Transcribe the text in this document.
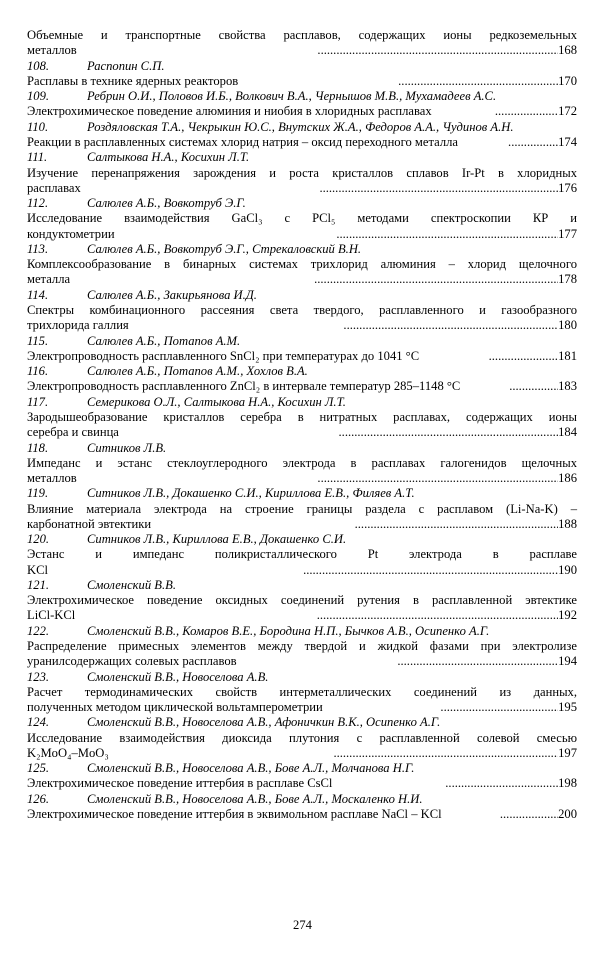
Объемные и транспортные свойства расплавов, содержащих ионы редкоземельных
металлов .....	168
108.	Распопин С.П.
Расплавы в технике ядерных реакторов .....	170
109.	Ребрин О.И., Половов И.Б., Волкович В.А., Чернышов М.В., Мухамадеев А.С.
Электрохимическое поведение алюминия и ниобия в хлоридных расплавах .....	172
110.	Роздяловская Т.А., Чекрыкин Ю.С., Внутских Ж.А., Федоров А.А., Чудинов А.Н.
Реакции в расплавленных системах хлорид натрия – оксид переходного металла .....	174
111.	Салтыкова Н.А., Косихин Л.Т.
Изучение перенапряжения зарождения и роста кристаллов сплавов Ir-Pt в хлоридных
расплавах .....	176
112.	Салюлев А.Б., Вовкотруб Э.Г.
Исследование взаимодействия GaCl₃ с PCl₅ методами спектроскопии КР и
кондуктометрии .....	177
113.	Салюлев А.Б., Вовкотруб Э.Г., Стрекаловский В.Н.
Комплексообразование в бинарных системах трихлорид алюминия – хлорид щелочного
металла .....	178
114.	Салюлев А.Б., Закирьянова И.Д.
Спектры комбинационного рассеяния света твердого, расплавленного и газообразного
трихлорида галлия .....	180
115.	Салюлев А.Б., Потапов А.М.
Электропроводность расплавленного SnCl₂ при температурах до 1041 °C .....	181
116.	Салюлев А.Б., Потапов А.М., Хохлов В.А.
Электропроводность расплавленного ZnCl₂ в интервале температур 285–1148 °C .....	183
117.	Семерикова О.Л., Салтыкова Н.А., Косихин Л.Т.
Зародышеобразование кристаллов серебра в нитратных расплавах, содержащих ионы
серебра и свинца .....	184
118.	Ситников Л.В.
Импеданс и эстанс стеклоуглеродного электрода в расплавах галогенидов щелочных
металлов .....	186
119.	Ситников Л.В., Докашенко С.И., Кириллова Е.В., Филяев А.Т.
Влияние материала электрода на строение границы раздела с расплавом (Li-Na-K) –
карбонатной эвтектики .....	188
120.	Ситников Л.В., Кириллова Е.В., Докашенко С.И.
Эстанс и импеданс поликристаллического Pt электрода в расплаве
KCl .....	190
121.	Смоленский В.В.
Электрохимическое поведение оксидных соединений рутения в расплавленной эвтектике
LiCl-KCl .....	192
122.	Смоленский В.В., Комаров В.Е., Бородина Н.П., Бычков А.В., Осипенко А.Г.
Распределение примесных элементов между твердой и жидкой фазами при электролизе
уранилсодержащих солевых расплавов .....	194
123.	Смоленский В.В., Новоселова А.В.
Расчет термодинамических свойств интерметаллических соединений из данных,
полученных методом циклической вольтамперометрии .....	195
124.	Смоленский В.В., Новоселова А.В., Афоничкин В.К., Осипенко А.Г.
Исследование взаимодействия диоксида плутония с расплавленной солевой смесью
K₂MoO₄–MoO₃ .....	197
125.	Смоленский В.В., Новоселова А.В., Бове А.Л., Молчанова Н.Г.
Электрохимическое поведение иттербия в расплаве CsCl .....	198
126.	Смоленский В.В., Новоселова А.В., Бове А.Л., Москаленко Н.И.
Электрохимическое поведение иттербия в эквимольном расплаве NaCl – KCl .....	200
274
